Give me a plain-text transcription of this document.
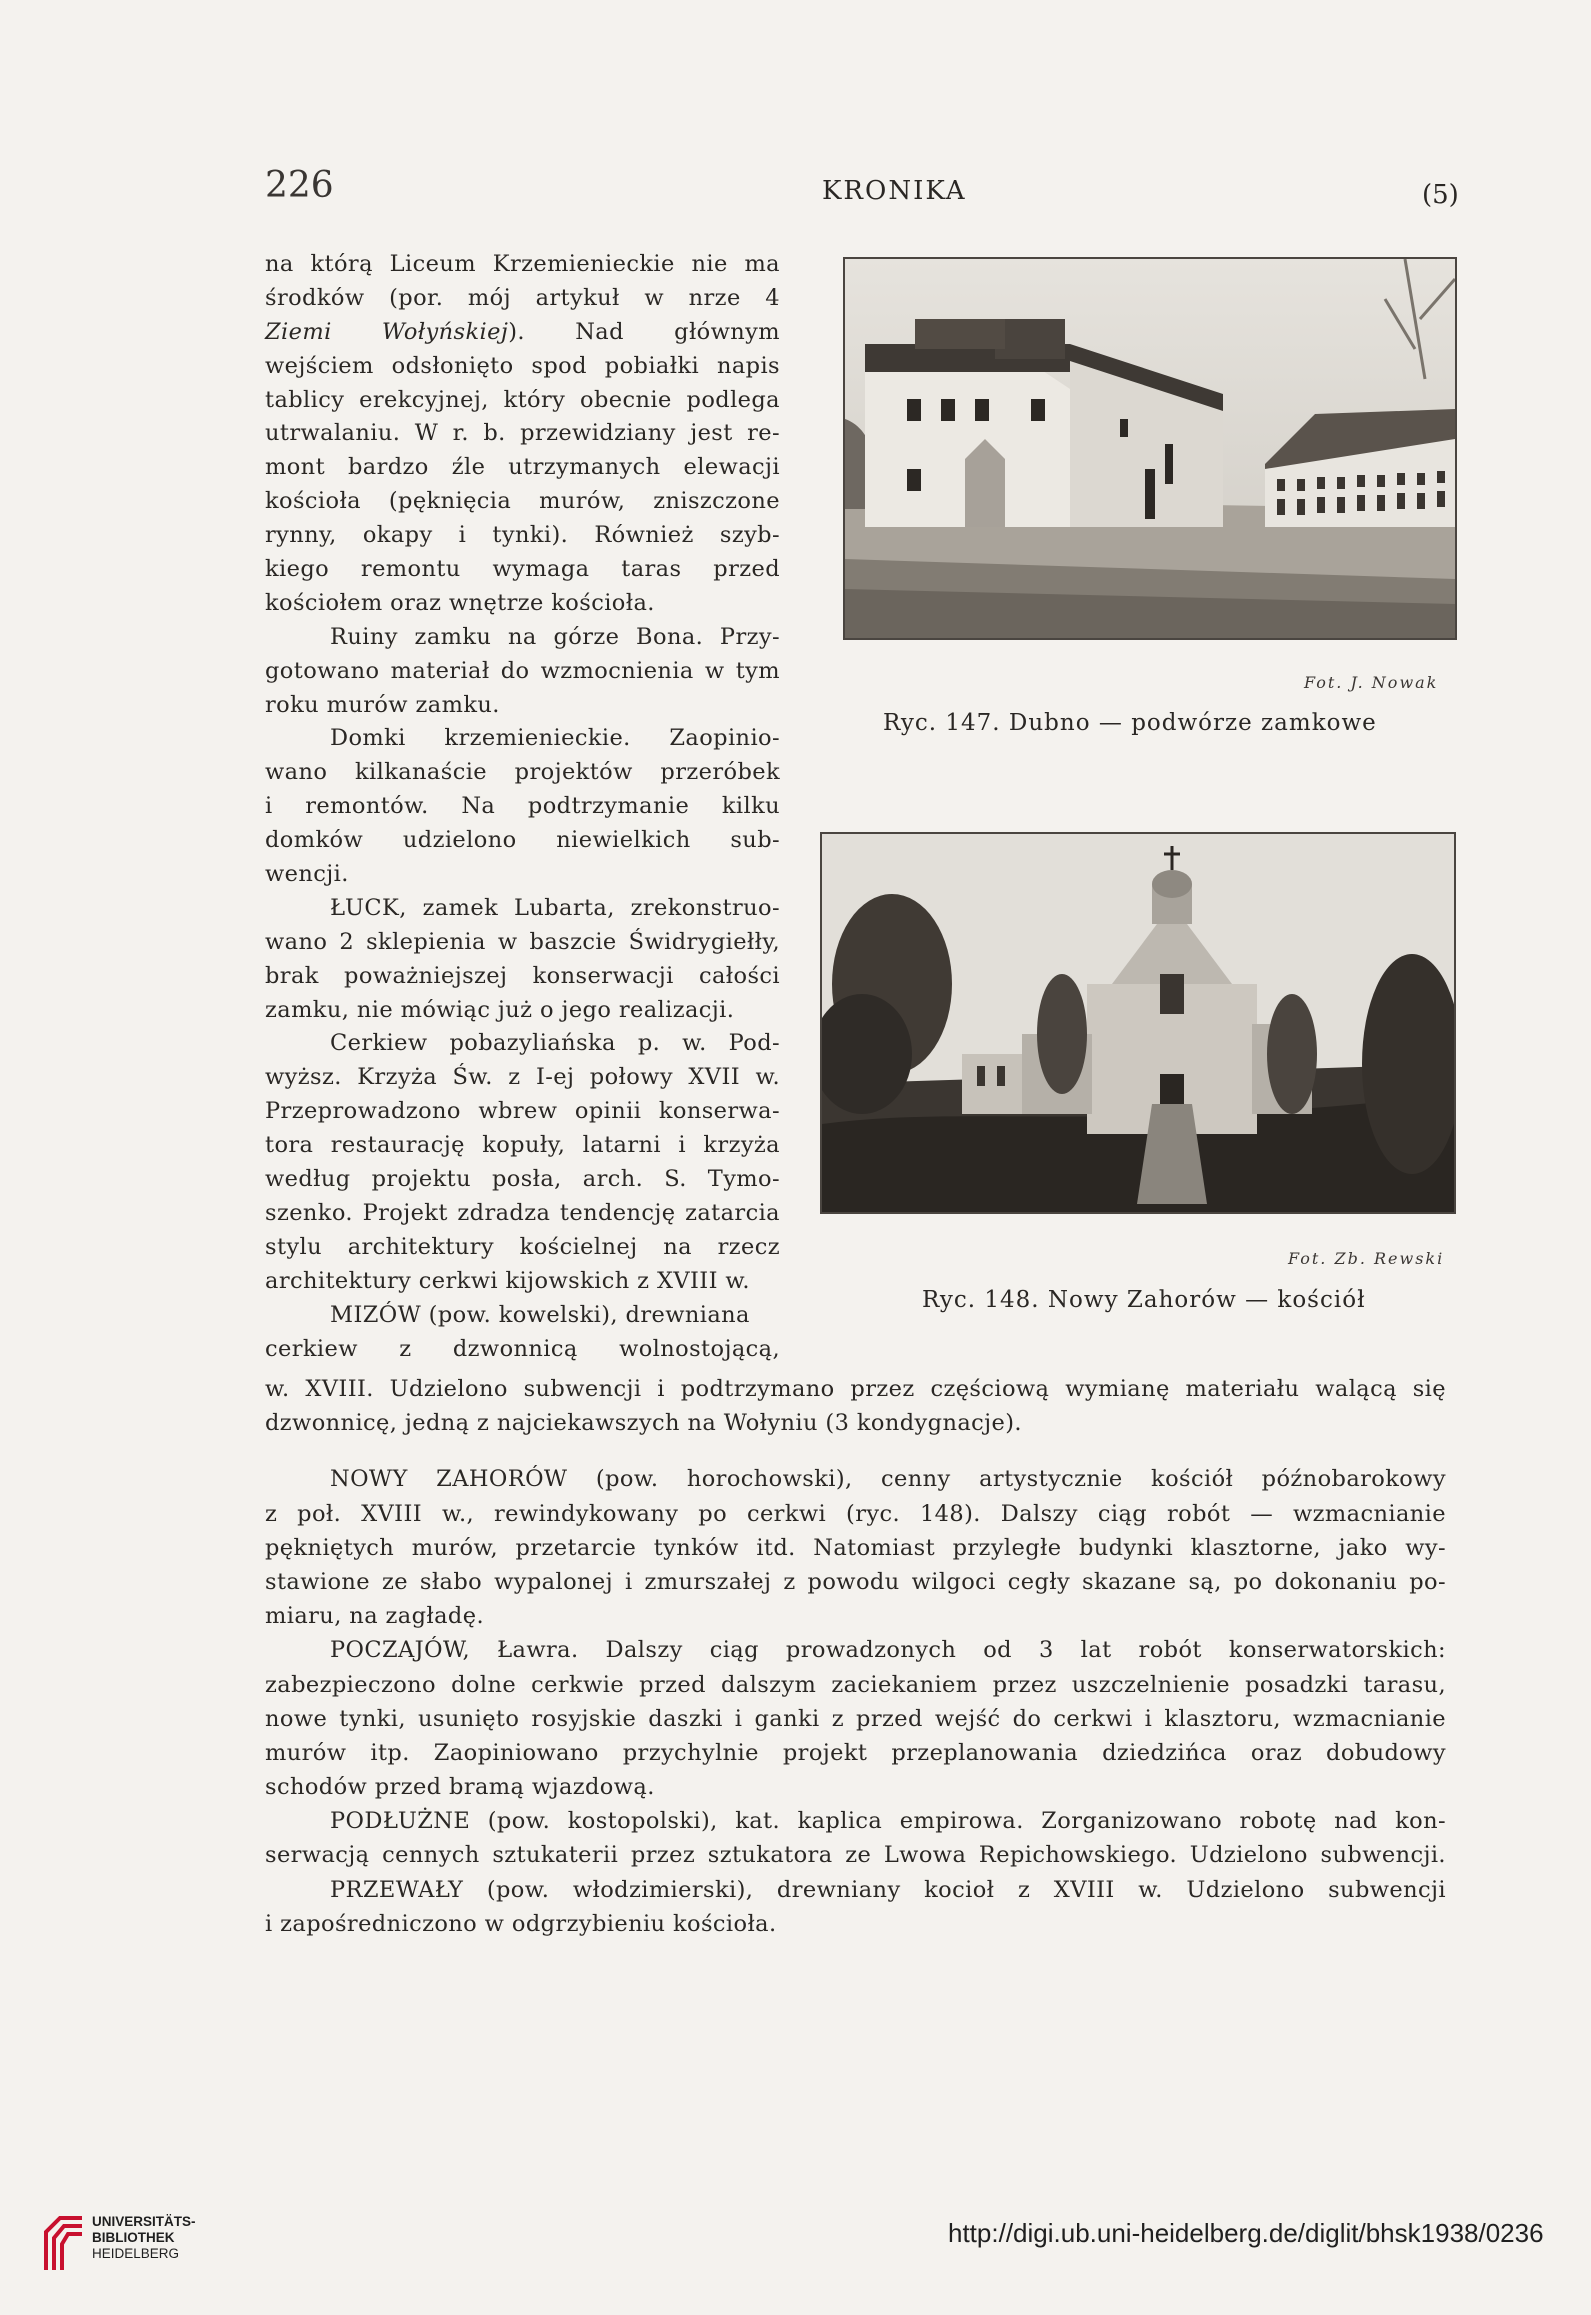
226	KRONIKA	(5)
na którą Liceum Krzemienieckie nie ma
środków (por. mój artykuł w nrze 4
Ziemi Wołyńskiej). Nad głównym
wejściem odsłonięto spod pobiałki napis
tablicy erekcyjnej, który obecnie podlega
utrwalaniu. W r. b. przewidziany jest re-
mont bardzo źle utrzymanych elewacji
kościoła (pęknięcia murów, zniszczone
rynny, okapy i tynki). Również szyb-
kiego remontu wymaga taras przed
kościołem oraz wnętrze kościoła.
Ruiny zamku na górze Bona. Przy-
gotowano materiał do wzmocnienia w tym
roku murów zamku.
Domki krzemienieckie. Zaopinio-
wano kilkanaście projektów przeróbek
i remontów. Na podtrzymanie kilku
domków udzielono niewielkich sub-
wencji.
ŁUCK, zamek Lubarta, zrekonstruo-
wano 2 sklepienia w baszcie Świdrygiełły,
brak poważniejszej konserwacji całości
zamku, nie mówiąc już o jego realizacji.
Cerkiew pobazyliańska p. w. Pod-
wyższ. Krzyża Św. z I-ej połowy XVII w.
Przeprowadzono wbrew opinii konserwa-
tora restaurację kopuły, latarni i krzyża
według projektu posła, arch. S. Tymo-
szenko. Projekt zdradza tendencję zatarcia
stylu architektury kościelnej na rzecz
architektury cerkwi kijowskich z XVIII w.
MIZÓW (pow. kowelski), drewniana
cerkiew z dzwonnicą wolnostojącą,
w. XVIII. Udzielono subwencji i podtrzymano przez częściową wymianę materiału walącą się
dzwonnicę, jedną z najciekawszych na Wołyniu (3 kondygnacje).
NOWY ZAHORÓW (pow. horochowski), cenny artystycznie kościół późnobarokowy
z poł. XVIII w., rewindykowany po cerkwi (ryc. 148). Dalszy ciąg robót — wzmacnianie
pękniętych murów, przetarcie tynków itd. Natomiast przyległe budynki klasztorne, jako wy-
stawione ze słabo wypalonej i zmurszałej z powodu wilgoci cegły skazane są, po dokonaniu po-
miaru, na zagładę.
POCZAJÓW, Ławra. Dalszy ciąg prowadzonych od 3 lat robót konserwatorskich:
zabezpieczono dolne cerkwie przed dalszym zaciekaniem przez uszczelnienie posadzki tarasu,
nowe tynki, usunięto rosyjskie daszki i ganki z przed wejść do cerkwi i klasztoru, wzmacnianie
murów itp. Zaopiniowano przychylnie projekt przeplanowania dziedzińca oraz dobudowy
schodów przed bramą wjazdową.
PODŁUŻNE (pow. kostopolski), kat. kaplica empirowa. Zorganizowano robotę nad kon-
serwacją cennych sztukaterii przez sztukatora ze Lwowa Repichowskiego. Udzielono subwencji.
PRZEWAŁY (pow. włodzimierski), drewniany kocioł z XVIII w. Udzielono subwencji
i zapośredniczono w odgrzybieniu kościoła.
Fot. J. Nowak
Ryc. 147. Dubno — podwórze zamkowe
Fot. Zb. Rewski
Ryc. 148. Nowy Zahorów — kościół
UNIVERSITÄTS-
BIBLIOTHEK
HEIDELBERG
http://digi.ub.uni-heidelberg.de/diglit/bhsk1938/0236
